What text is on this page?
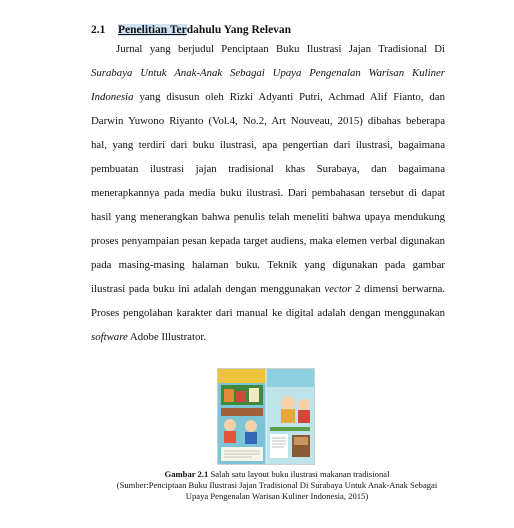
2.1 Penelitian Terdahulu Yang Relevan
Jurnal yang berjudul Penciptaan Buku Ilustrasi Jajan Tradisional Di
Surabaya Untuk Anak-Anak Sebagai Upaya Pengenalan Warisan Kuliner
Indonesia yang disusun oleh Rizki Adyanti Putri, Achmad Alif Fianto, dan
Darwin Yuwono Riyanto (Vol.4, No.2, Art Nouveau, 2015) dibahas beberapa
hal, yang terdiri dari buku ilustrasi, apa pengertian dari ilustrasi, bagaimana
pembuatan ilustrasi jajan tradisional khas Surabaya, dan bagaimana
menerapkannya pada media buku ilustrasi. Dari pembahasan tersebut di dapat
hasil yang menerangkan bahwa penulis telah meneliti bahwa upaya mendukung
proses penyampaian pesan kepada target audiens, maka elemen verbal digunakan
pada masing-masing halaman buku. Teknik yang digunakan pada gambar
ilustrasi pada buku ini adalah dengan menggunakan vector 2 dimensi berwarna.
Proses pengolahan karakter dari manual ke digital adalah dengan menggunakan
software Adobe Illustrator.
Gambar 2.1 Salah satu layout buku ilustrasi makanan tradisional
(Sumber:Penciptaan Buku Ilustrasi Jajan Tradisional Di Surabaya Untuk Anak-Anak Sebagai
Upaya Pengenalan Warisan Kuliner Indonesia, 2015)
